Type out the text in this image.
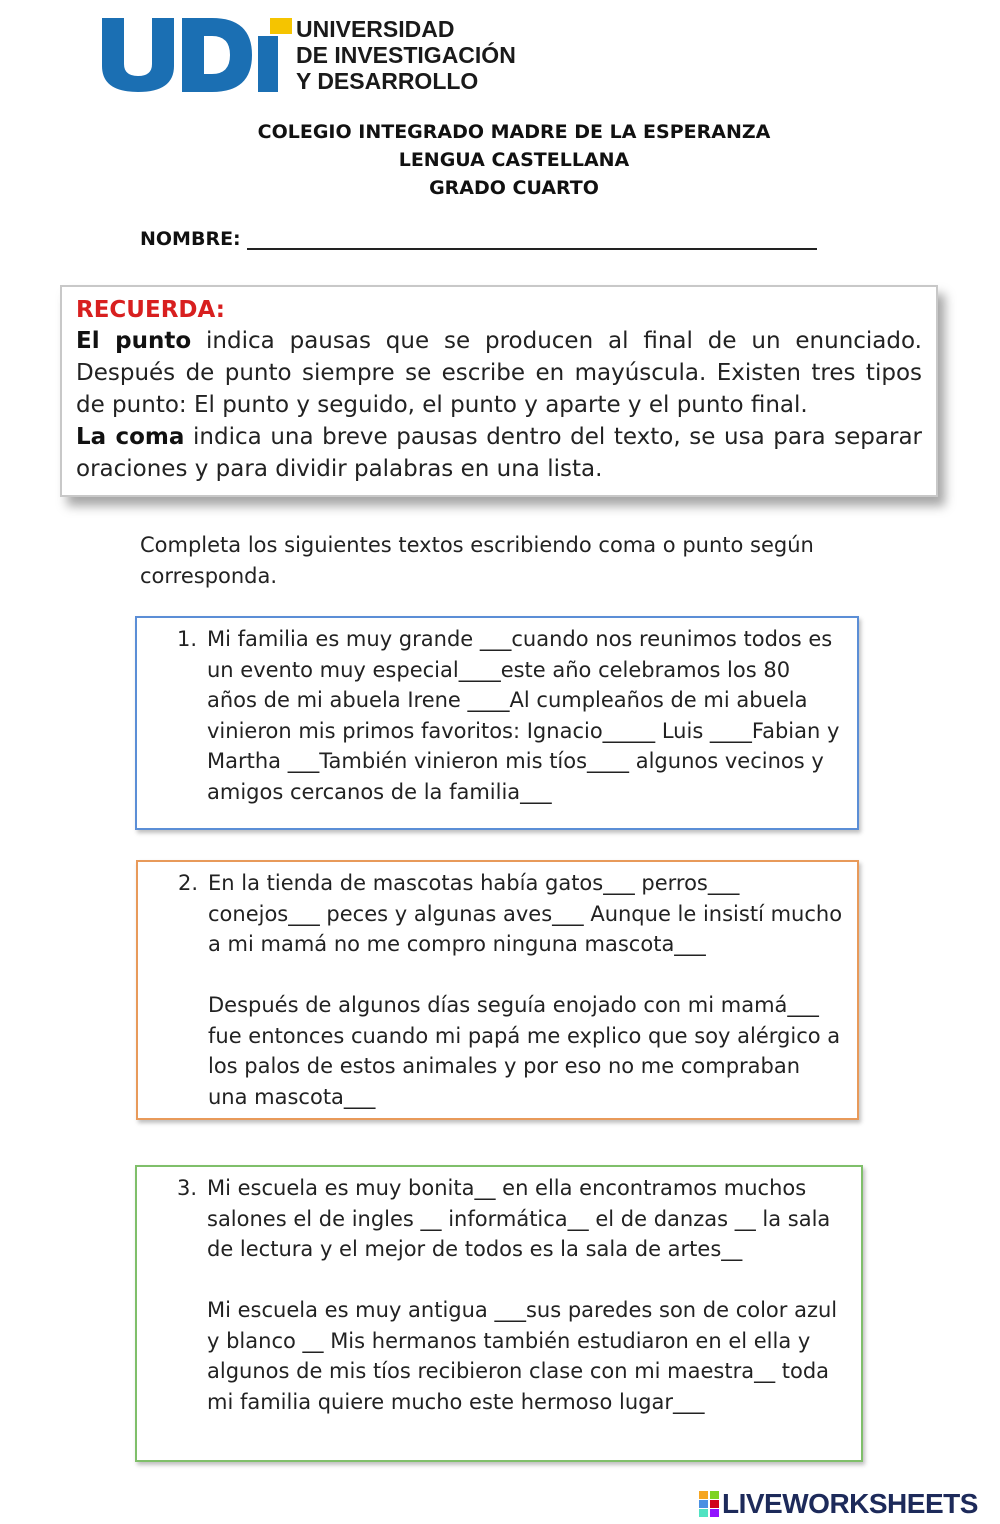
UNIVERSIDAD
DE INVESTIGACIÓN
Y DESARROLLO
COLEGIO INTEGRADO MADRE DE LA ESPERANZA
LENGUA CASTELLANA
GRADO CUARTO
NOMBRE:
RECUERDA:

El punto indica pausas que se producen al final de un enunciado. Después de punto siempre se escribe en mayúscula. Existen tres tipos de punto: El punto y seguido, el punto y aparte y el punto final.

La coma indica una breve pausas dentro del texto, se usa para separar oraciones y para dividir palabras en una lista.

Completa los siguientes textos escribiendo coma o punto según corresponda.
1. Mi familia es muy grande ___cuando nos reunimos todos es un evento muy especial____este año celebramos los 80 años de mi abuela Irene ____Al cumpleaños de mi abuela vinieron mis primos favoritos: Ignacio_____ Luis ____Fabian y Martha ___También vinieron mis tíos____ algunos vecinos y amigos cercanos de la familia___

2. En la tienda de mascotas había gatos___ perros___ conejos___ peces y algunas aves___ Aunque le insistí mucho a mi mamá no me compro ninguna mascota___

Después de algunos días seguía enojado con mi mamá___ fue entonces cuando mi papá me explico que soy alérgico a los palos de estos animales y por eso no me compraban una mascota___

3. Mi escuela es muy bonita__ en ella encontramos muchos salones el de ingles __ informática__ el de danzas __ la sala de lectura y el mejor de todos es la sala de artes__

Mi escuela es muy antigua ___sus paredes son de color azul y blanco __ Mis hermanos también estudiaron en el ella y algunos de mis tíos recibieron clase con mi maestra__ toda mi familia quiere mucho este hermoso lugar___

LIVEWORKSHEETS
